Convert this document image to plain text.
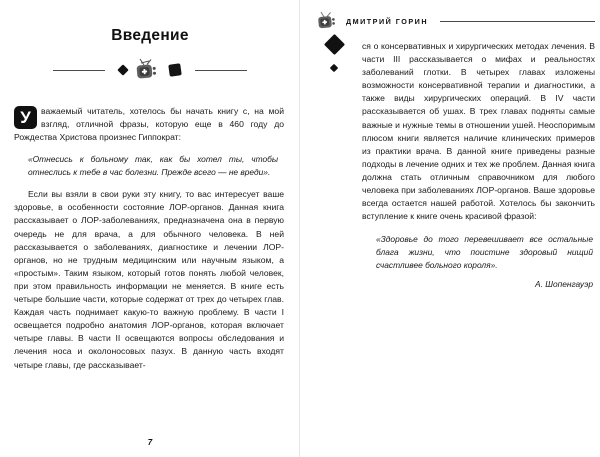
Введение

У	важаемый читатель, хотелось бы начать книгу с, на мой взгляд, отличной фразы, которую еще в 460 году до Рождества Христова произнес Гиппократ:

«Отнесись к больному так, как бы хотел ты, чтобы отнеслись к тебе в час болезни. Прежде всего — не вреди».

Если вы взяли в свои руки эту книгу, то вас интересует ваше здоровье, в особенности состояние ЛОР-органов. Данная книга рассказывает о ЛОР-заболеваниях, предназначена она в первую очередь не для врача, а для обычного человека. В ней рассказывается о заболеваниях, диагностике и лечении ЛОР-органов, но не трудным медицинским или научным языком, а «простым». Таким языком, который готов понять любой человек, при этом правильность информации не меняется. В книге есть четыре большие части, которые содержат от трех до четырех глав. Каждая часть поднимает какую-то важную проблему. В части I освещается подробно анатомия ЛОР-органов, которая включает четыре главы. В части II освещаются вопросы обследования и лечения носа и околоносовых пазух. В данную часть входят четыре главы, где рассказывает-

7
ДМИТРИЙ ГОРИН

ся о консервативных и хирургических методах лечения. В части III рассказывается о мифах и реальностях заболеваний глотки. В четырех главах изложены возможности консервативной терапии и диагностики, а также виды хирургических операций. В IV части рассказывается об ушах. В трех главах подняты самые важные и нужные темы в отношении ушей. Неоспоримым плюсом книги является наличие клинических примеров из практики врача. В данной книге приведены разные подходы в лечение одних и тех же проблем. Данная книга должна стать отличным справочником для любого человека при заболеваниях ЛОР-органов. Ваше здоровье всегда остается нашей работой. Хотелось бы закончить вступление к книге очень красивой фразой:

«Здоровье до того перевешивает все остальные блага жизни, что поистине здоровый нищий счастливее больного короля».
А. Шопенгауэр
